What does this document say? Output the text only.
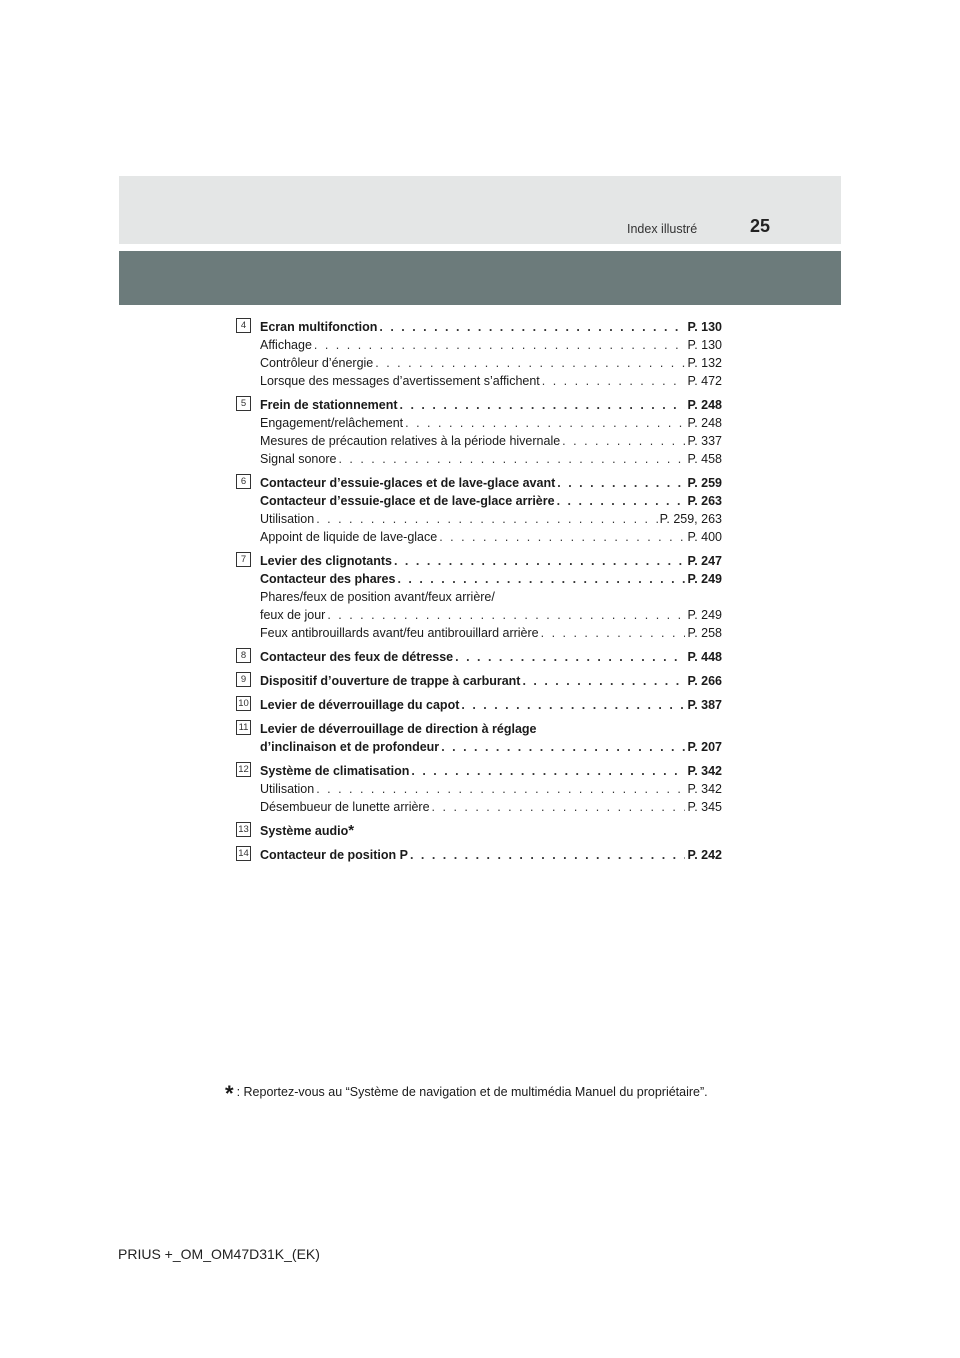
Index illustré	25
4	Ecran multifonction . . .	P. 130
Affichage . . .	P. 130
Contrôleur d’énergie . . .	P. 132
Lorsque des messages d’avertissement s’affichent . . .	P. 472
5	Frein de stationnement . . .	P. 248
Engagement/relâchement . . .	P. 248
Mesures de précaution relatives à la période hivernale . . .	P. 337
Signal sonore . . .	P. 458
6	Contacteur d’essuie-glaces et de lave-glace avant . . .	P. 259
Contacteur d’essuie-glace et de lave-glace arrière . . .	P. 263
Utilisation . . .	P. 259, 263
Appoint de liquide de lave-glace . . .	P. 400
7	Levier des clignotants . . .	P. 247
Contacteur des phares . . .	P. 249
Phares/feux de position avant/feux arrière/
feux de jour . . .	P. 249
Feux antibrouillards avant/feu antibrouillard arrière . . .	P. 258
8	Contacteur des feux de détresse . . .	P. 448
9	Dispositif d’ouverture de trappe à carburant . . .	P. 266
10 Levier de déverrouillage du capot . . .	P. 387
11 Levier de déverrouillage de direction à réglage
d’inclinaison et de profondeur . . .	P. 207
12 Système de climatisation . . .	P. 342
Utilisation . . .	P. 342
Désembueur de lunette arrière . . .	P. 345
13 Système audio *
14 Contacteur de position P . . .	P. 242
* : Reportez-vous au “Système de navigation et de multimédia Manuel du propriétaire”.
PRIUS +_OM_OM47D31K_(EK)
